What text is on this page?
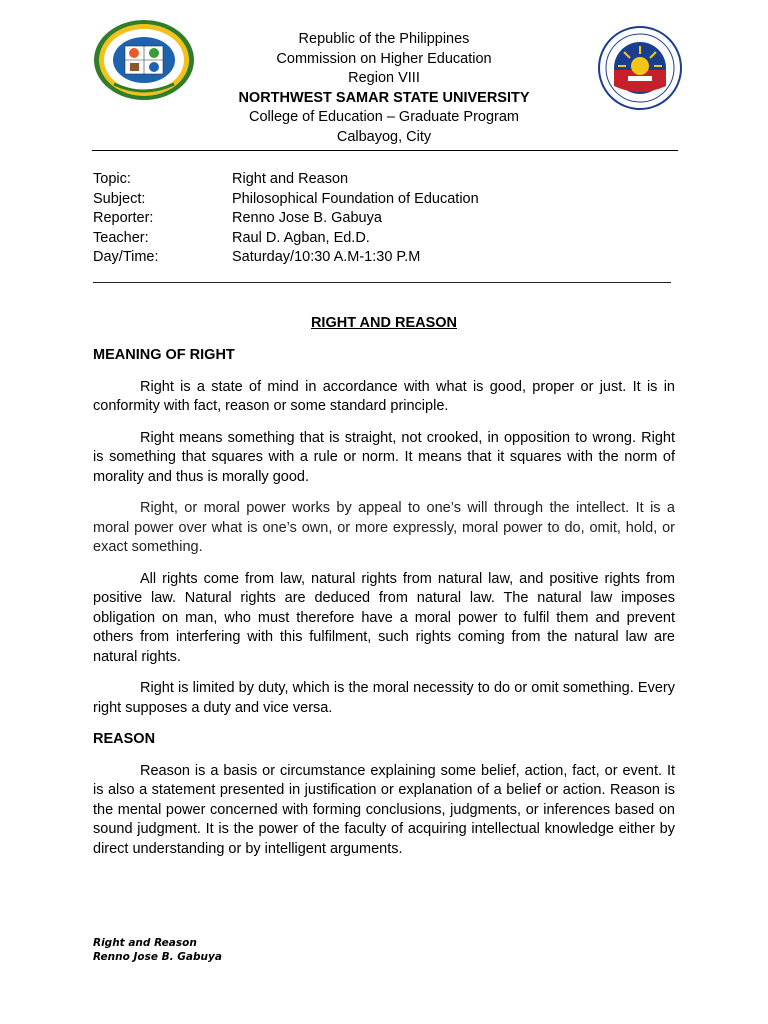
Republic of the Philippines
Commission on Higher Education
Region VIII
NORTHWEST SAMAR STATE UNIVERSITY
College of Education – Graduate Program
Calbayog, City
Topic:	Right and Reason
Subject:	Philosophical Foundation of Education
Reporter:	Renno Jose B. Gabuya
Teacher:	Raul D. Agban, Ed.D.
Day/Time:	Saturday/10:30 A.M-1:30 P.M
RIGHT AND REASON
MEANING OF RIGHT

Right is a state of mind in accordance with what is good, proper or just. It is in conformity with fact, reason or some standard principle.

Right means something that is straight, not crooked, in opposition to wrong. Right is something that squares with a rule or norm. It means that it squares with the norm of morality and thus is morally good.

Right, or moral power works by appeal to one’s will through the intellect. It is a moral power over what is one’s own, or more expressly, moral power to do, omit, hold, or exact something.

All rights come from law, natural rights from natural law, and positive rights from positive law. Natural rights are deduced from natural law. The natural law imposes obligation on man, who must therefore have a moral power to fulfil them and prevent others from interfering with this fulfilment, such rights coming from the natural law are natural rights.

Right is limited by duty, which is the moral necessity to do or omit something. Every right supposes a duty and vice versa.

REASON

Reason is a basis or circumstance explaining some belief, action, fact, or event. It is also a statement presented in justification or explanation of a belief or action. Reason is the mental power concerned with forming conclusions, judgments, or inferences based on sound judgment. It is the power of the faculty of acquiring intellectual knowledge either by direct understanding or by intelligent arguments.

Right and Reason
Renno Jose B. Gabuya
